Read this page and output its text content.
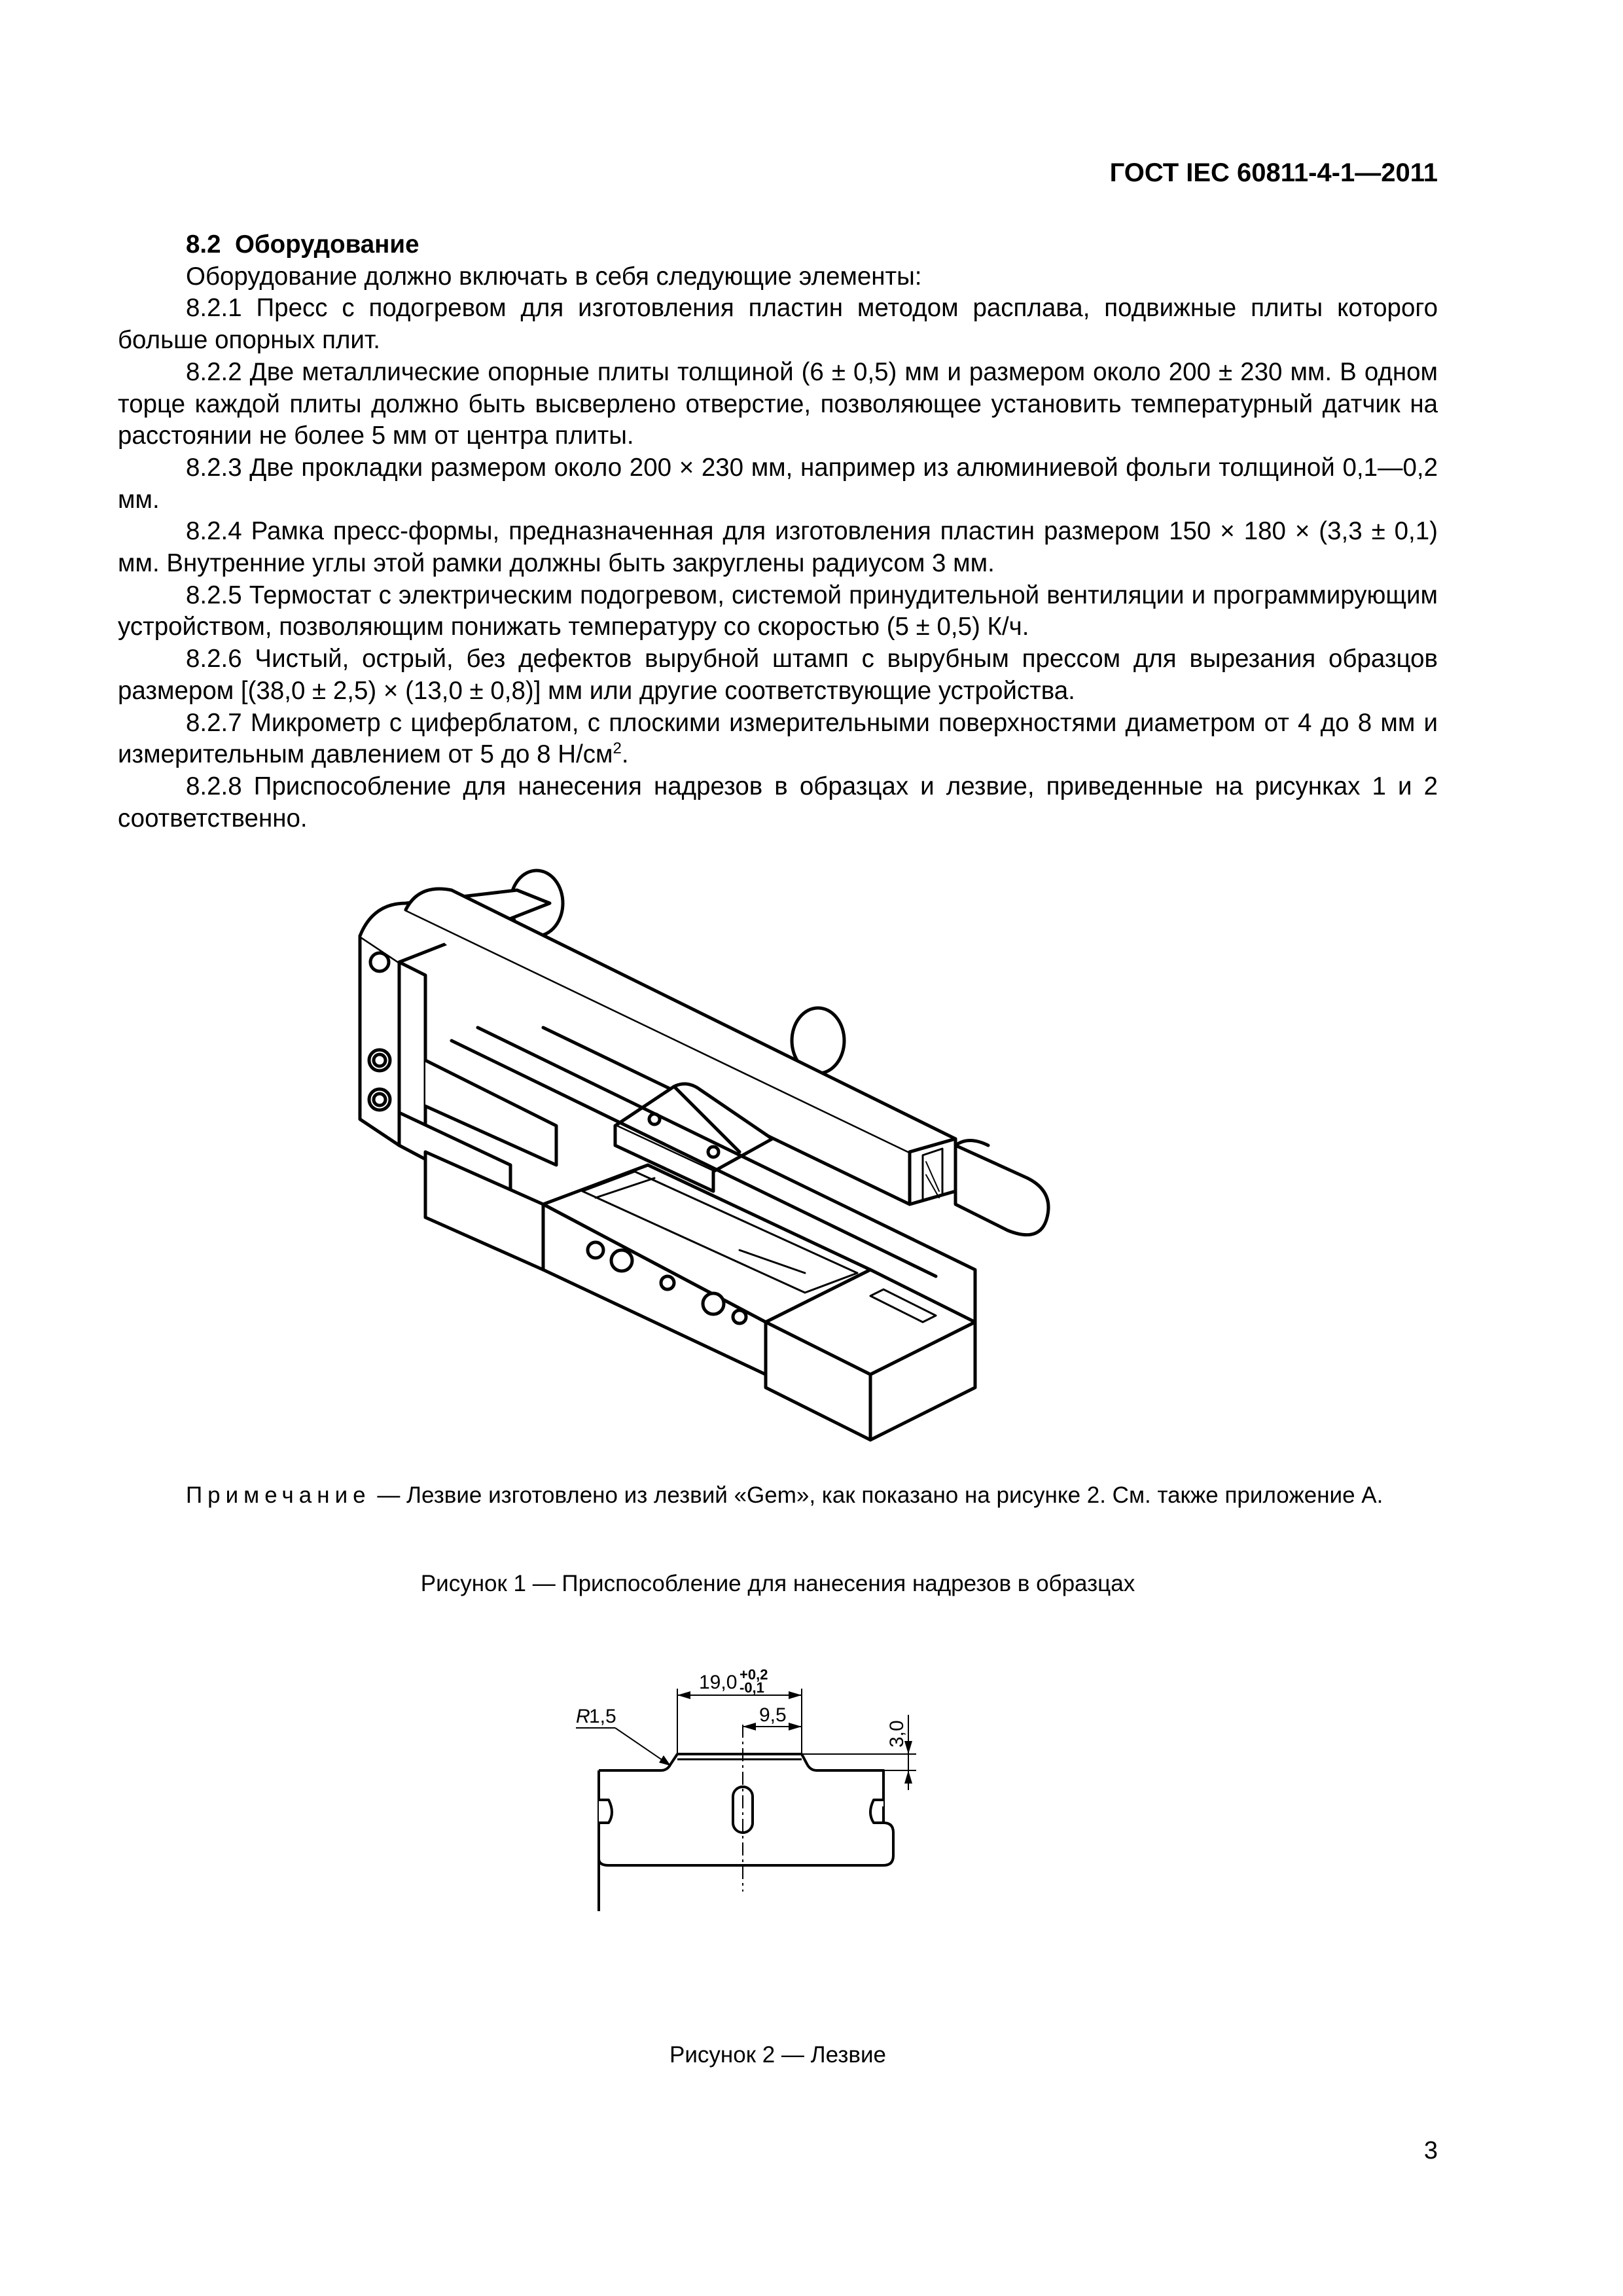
ГОСТ IEC 60811-4-1—2011

8.2 Оборудование

Оборудование должно включать в себя следующие элементы:

8.2.1 Пресс с подогревом для изготовления пластин методом расплава, подвижные плиты которого больше опорных плит.

8.2.2 Две металлические опорные плиты толщиной (6 ± 0,5) мм и размером около 200 ± 230 мм. В одном торце каждой плиты должно быть высверлено отверстие, позволяющее установить температурный датчик на расстоянии не более 5 мм от центра плиты.

8.2.3 Две прокладки размером около 200 × 230 мм, например из алюминиевой фольги толщиной 0,1—0,2 мм.

8.2.4 Рамка пресс-формы, предназначенная для изготовления пластин размером 150 × 180 × (3,3 ± 0,1) мм. Внутренние углы этой рамки должны быть закруглены радиусом 3 мм.

8.2.5 Термостат с электрическим подогревом, системой принудительной вентиляции и программирующим устройством, позволяющим понижать температуру со скоростью (5 ± 0,5) К/ч.

8.2.6 Чистый, острый, без дефектов вырубной штамп с вырубным прессом для вырезания образцов размером [(38,0 ± 2,5) × (13,0 ± 0,8)] мм или другие соответствующие устройства.

8.2.7 Микрометр с циферблатом, с плоскими измерительными поверхностями диаметром от 4 до 8 мм и измерительным давлением от 5 до 8 $Н/см^2$.

8.2.8 Приспособление для нанесения надрезов в образцах и лезвие, приведенные на рисунках 1 и 2 соответственно.

Примечание — Лезвие изготовлено из лезвий «Gem», как показано на рисунке 2. См. также приложение А.
Рисунок 1 — Приспособление для нанесения надрезов в образцах
19,0 +0,2
-0,1
9,5
3,0
R
1,5
Рисунок 2 — Лезвие
3
